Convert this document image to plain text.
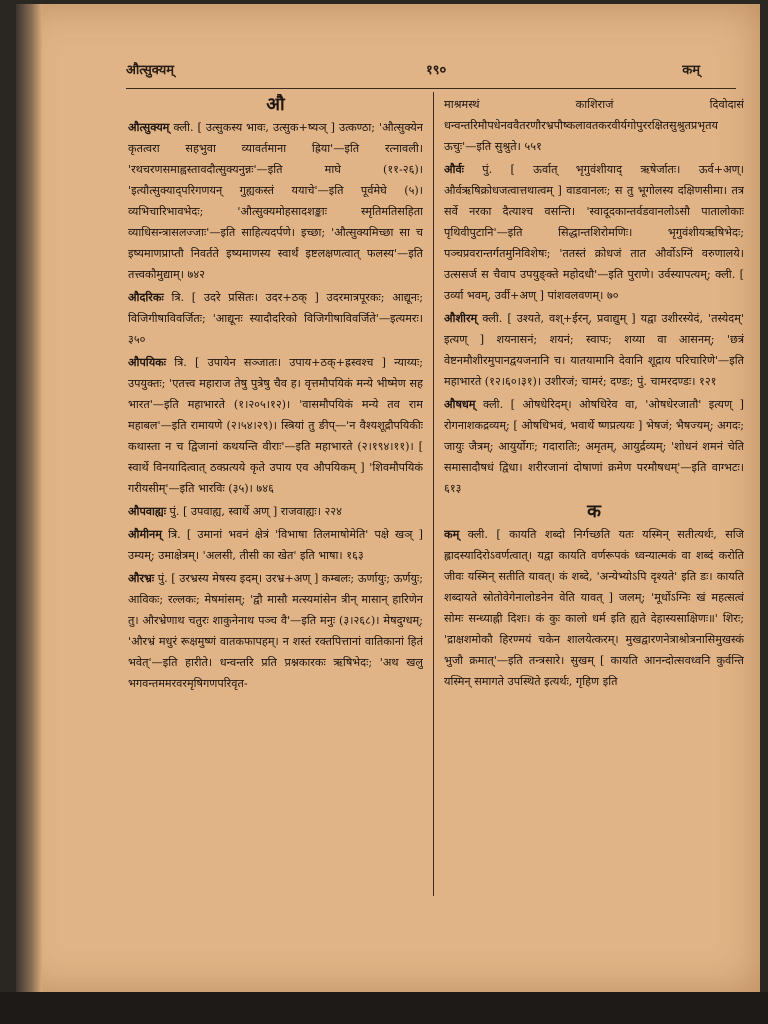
औत्सुक्यम्	१९०	कम्
औ

औत्सुक्यम् क्ली. [ उत्सुकस्य भावः, उत्सुक+ष्यञ् ] उत्कण्ठा; 'औत्सुक्येन कृतत्वरा सहभुवा व्यावर्तमाना ह्रिया'—इति रत्नावली। 'रथचरणसमाह्वस्तावदौत्सुक्यनुन्नः'—इति माघे (११-२६)। 'इत्यौत्सुक्याद्परिगणयन् गुह्यकस्तं ययाचे'—इति पूर्वमेघे (५)। व्यभिचारिभावभेदः; 'औत्सुक्यमोहसादशङ्काः स्मृतिमतिसहिता व्याधिसन्त्रासलज्जाः'—इति साहित्यदर्पणे। इच्छा; 'औत्सुक्यमिच्छा सा च इष्यमाणप्राप्तौ निवर्तते इष्यमाणस्य स्वार्थं इष्टलक्षणत्वात् फलस्य'—इति तत्त्वकौमुद्याम्। ७४२

औदरिकः त्रि. [ उदरे प्रसितः। उदर+ठक् ] उदरमात्रपूरकः; आद्यूनः; विजिगीषाविवर्जितः; 'आद्यूनः स्यादौदरिको विजिगीषाविवर्जिते'—इत्यमरः। ३५०

औपयिकः त्रि. [ उपायेन सञ्जातः। उपाय+ठक्+ह्रस्वश्च ] न्याय्यः; उपयुक्तः; 'एतत्त्व महाराज तेषु पुत्रेषु चैव ह। वृत्तमौपयिकं मन्ये भीष्मेण सह भारत'—इति महाभारते (१।२०५।१२)। 'वासमौपयिकं मन्ये तव राम महाबल'—इति रामायणे (२।५४।२९)। स्त्रियां तु ङीप्—'न वैश्यशूद्रौपयिकीः कथास्ता न च द्विजानां कथयन्ति वीराः'—इति महाभारते (२।१९४।११)। [ स्वार्थे विनयादित्वात् ठक्प्रत्यये कृते उपाय एव औपयिकम् ] 'शिवमौपयिकं गरीयसीम्'—इति भारविः (३५)। ७४६

औपवाह्यः पुं. [ उपवाह्य, स्वार्थे अण् ] राजवाह्यः। २२४

औमीनम् त्रि. [ उमानां भवनं क्षेत्रं 'विभाषा तिलमाषोमेति' पक्षे खञ् ] उम्यम्; उमाक्षेत्रम्। 'अलसी, तीसी का खेत' इति भाषा। १६३

औरभ्रः पुं. [ उरभ्रस्य मेषस्य इदम्। उरभ्र+अण् ] कम्बलः; ऊर्णायुः; ऊर्णयुः; आविकः; रल्लकः; मेषमांसम्; 'द्वौ मासौ मत्स्यमांसेन त्रीन् मासान् हारिणेन तु। औरभ्रेणाथ चतुरः शाकुनेनाथ पञ्च वै'—इति मनुः (३।२६८)। मेषदुग्धम्; 'औरभ्रं मधुरं रूक्षमुष्णं वातकफापहम्। न शस्तं रक्तपित्तानां वातिकानां हितं भवेत्'—इति हारीते। धन्वन्तरि प्रति प्रश्नकारकः ऋषिभेदः; 'अथ खलु भगवन्तममरवरमृषिगणपरिवृत-

माश्रमस्थं काशिराजं दिवोदासं धन्वन्तरिमौपधेनववैतरणौरभ्रपौष्कलावतकरवीर्यगोपुररक्षितसुश्रुतप्रभृतय ऊचुः'—इति सुश्रुते। ५५१

और्वः पुं. [ ऊर्वात् भृगुवंशीयाद् ऋषेर्जातः। ऊर्व+अण्। और्वऋषिक्रोधजत्वात्तथात्वम् ] वाडवानलः; स तु भूगोलस्य दक्षिणसीमा। तत्र सर्वे नरका दैत्याश्च वसन्ति। 'स्वादूदकान्तर्वडवानलोऽसौ पातालोकाः पृथिवीपुटानि'—इति सिद्धान्तशिरोमणिः। भृगुवंशीयऋषिभेदः; पञ्चप्रवरान्तर्गतमुनिविशेषः; 'ततस्तं क्रोधजं तात और्वोऽग्निं वरुणालये। उत्ससर्ज स चैवाप उपयुङ्क्ते महोदधौ'—इति पुराणे। उर्वस्यापत्यम्; क्ली. [ उर्व्या भवम्, उर्वी+अण् ] पांशवलवणम्। ७०

औशीरम् क्ली. [ उश्यते, वश्+ईरन्, प्रवाद्युम् ] यद्वा उशीरस्येदं, 'तस्येदम्' इत्यण् ] शयनासनं; शयनं; स्वापः; शय्या वा आसनम्; 'छत्रं वेष्टनमौशीरमुपानद्वयजनानि च। यातयामानि देवानि शूद्राय परिचारिणे'—इति महाभारते (१२।६०।३१)। उशीरजं; चामरं; दण्डः; पुं. चामरदण्डः। १२१

औषधम् क्ली. [ ओषधेरिदम्। ओषधिरेव वा, 'ओषधेरजातौ' इत्यण् ] रोगनाशकद्रव्यम्; [ ओषधिभवं, भवार्थे ष्णप्रत्ययः ] भेषजं; भैषज्यम्; अगदः; जायुः जैत्रम्; आयुर्योगः; गदारातिः; अमृतम्, आयुर्द्रव्यम्; 'शोधनं शमनं चेति समासादौषधं द्विधा। शरीरजानां दोषाणां क्रमेण परमौषधम्'—इति वाग्भटः। ६१३

क

कम् क्ली. [ कायति शब्दो निर्गच्छति यतः यस्मिन् सतीत्यर्थः, सजि ह्लादस्यादिरोऽवर्णत्वात्। यद्वा कायति वर्णरूपकं ध्वन्यात्मकं वा शब्दं करोति जीवः यस्मिन् सतीति यावत्। कं शब्दे, 'अन्येभ्योऽपि दृश्यते' इति डः। कायति शब्दायते स्रोतोवेगेनालोडनेन वेति यावत् ] जलम्; 'मूर्धोऽग्निः खं महत्सत्वं सोमः सन्ध्याह्नी दिशः। कं कुः कालो धर्म इति ह्यते देहास्यसाक्षिणः॥' शिरः; 'द्राक्षशमोकौ हिरण्मयं चकेन शालयेत्करम्। मुखद्वारणनेत्राश्रोत्रनासिमुखस्कं भुजौ क्रमात्'—इति तन्त्रसारे। सुखम् [ कायति आनन्दोत्सवध्वनि कुर्वन्ति यस्मिन् समागते उपस्थिते इत्यर्थः, गृहिण इति
